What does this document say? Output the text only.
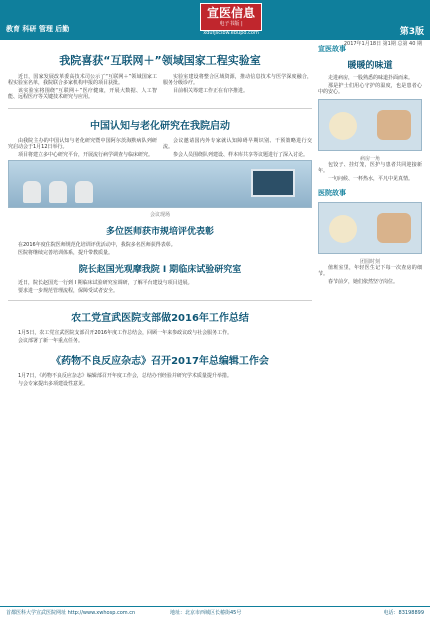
教育 科研 管理 后勤
宣医信息
电子书版 | xdufjsclbw.ebupd.com	第3版
2017年1月18日 第1期 总第 40 期
我院喜获“互联网＋”领域国家工程实验室

近日，国家发展改革委高技术司公示了“互联网＋”领域国家工程实验室名单，我院联合多家机构申报的项目获批。

该实验室将围绕“互联网＋”医疗健康，开展大数据、人工智能、远程医疗等关键技术研究与应用。

实验室建设将整合区域资源，推动信息技术与医学深度融合，服务分级诊疗。

目前相关筹建工作正在有序推进。

中国认知与老化研究在我院启动

由我院主办的中国认知与老化研究暨中国阿尔茨海默病队列研究启动会于1月12日举行。

项目将建立多中心研究平台，开展流行病学调查与临床研究。

会议邀请国内外专家就认知障碍早期识别、干预策略进行交流。

参会人员围绕队列建设、样本库共享等议题进行了深入讨论。

会议现场
多位医师获市规培评优表彰

在2016年度住院医师规范化培训评优活动中，我院多名医师获得表彰。

医院将继续完善培训体系，提升带教质量。

院长赵国光观摩我院 I 期临床试验研究室

近日，院长赵国光一行到 I 期临床试验研究室调研，了解平台建设与项目进展。

要求进一步规范管理流程，保障受试者安全。

农工党宣武医院支部做2016年工作总结

1月5日，农工党宣武医院支部召开2016年度工作总结会，回顾一年来参政议政与社会服务工作。

会议部署了新一年重点任务。

《药物不良反应杂志》召开2017年总编辑工作会

1月7日，《药物不良反应杂志》编辑部召开年度工作会，总结办刊经验并研究学术质量提升举措。

与会专家提出多项建设性意见。

宣医故事
暖暖的味道

走进病房，一股熟悉的味道扑面而来。

那是护士们用心守护的温度，也是患者心中的安心。

病房一角

包饺子、挂灯笼，医护与患者共同迎接新年。

一句问候、一杯热水，平凡中见真情。

医院故事
团圆时刻

值班室里，年轻医生记下每一次查房的细节。

春节前夕，她们依然坚守岗位。

首都医科大学宣武医院网址 http://www.xwhosp.com.cn	地址：北京市西城区长椿街45号	电话：83198899
